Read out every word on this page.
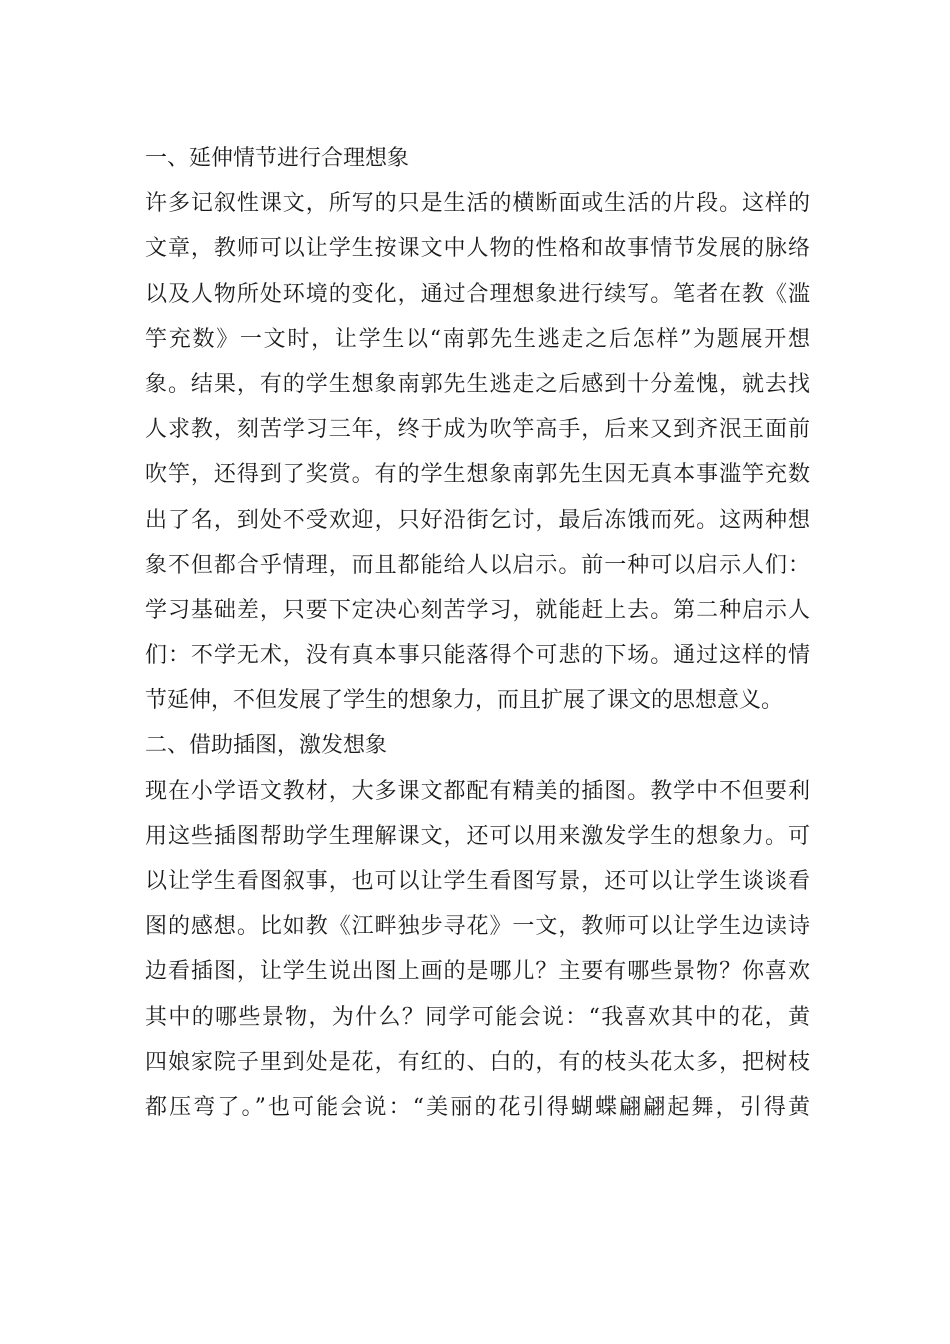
一、延伸情节进行合理想象
许多记叙性课文，所写的只是生活的横断面或生活的片段。这样的
文章，教师可以让学生按课文中人物的性格和故事情节发展的脉络
以及人物所处环境的变化，通过合理想象进行续写。笔者在教《滥
竽充数》一文时，让学生以“南郭先生逃走之后怎样”为题展开想
象。结果，有的学生想象南郭先生逃走之后感到十分羞愧，就去找
人求教，刻苦学习三年，终于成为吹竽高手，后来又到齐泯王面前
吹竽，还得到了奖赏。有的学生想象南郭先生因无真本事滥竽充数
出了名，到处不受欢迎，只好沿街乞讨，最后冻饿而死。这两种想
象不但都合乎情理，而且都能给人以启示。前一种可以启示人们：
学习基础差，只要下定决心刻苦学习，就能赶上去。第二种启示人
们：不学无术，没有真本事只能落得个可悲的下场。通过这样的情
节延伸，不但发展了学生的想象力，而且扩展了课文的思想意义。
二、借助插图，激发想象
现在小学语文教材，大多课文都配有精美的插图。教学中不但要利
用这些插图帮助学生理解课文，还可以用来激发学生的想象力。可
以让学生看图叙事，也可以让学生看图写景，还可以让学生谈谈看
图的感想。比如教《江畔独步寻花》一文，教师可以让学生边读诗
边看插图，让学生说出图上画的是哪儿？主要有哪些景物？你喜欢
其中的哪些景物，为什么？同学可能会说：“我喜欢其中的花，黄
四娘家院子里到处是花，有红的、白的，有的枝头花太多，把树枝
都压弯了。”也可能会说：“美丽的花引得蝴蝶翩翩起舞，引得黄
